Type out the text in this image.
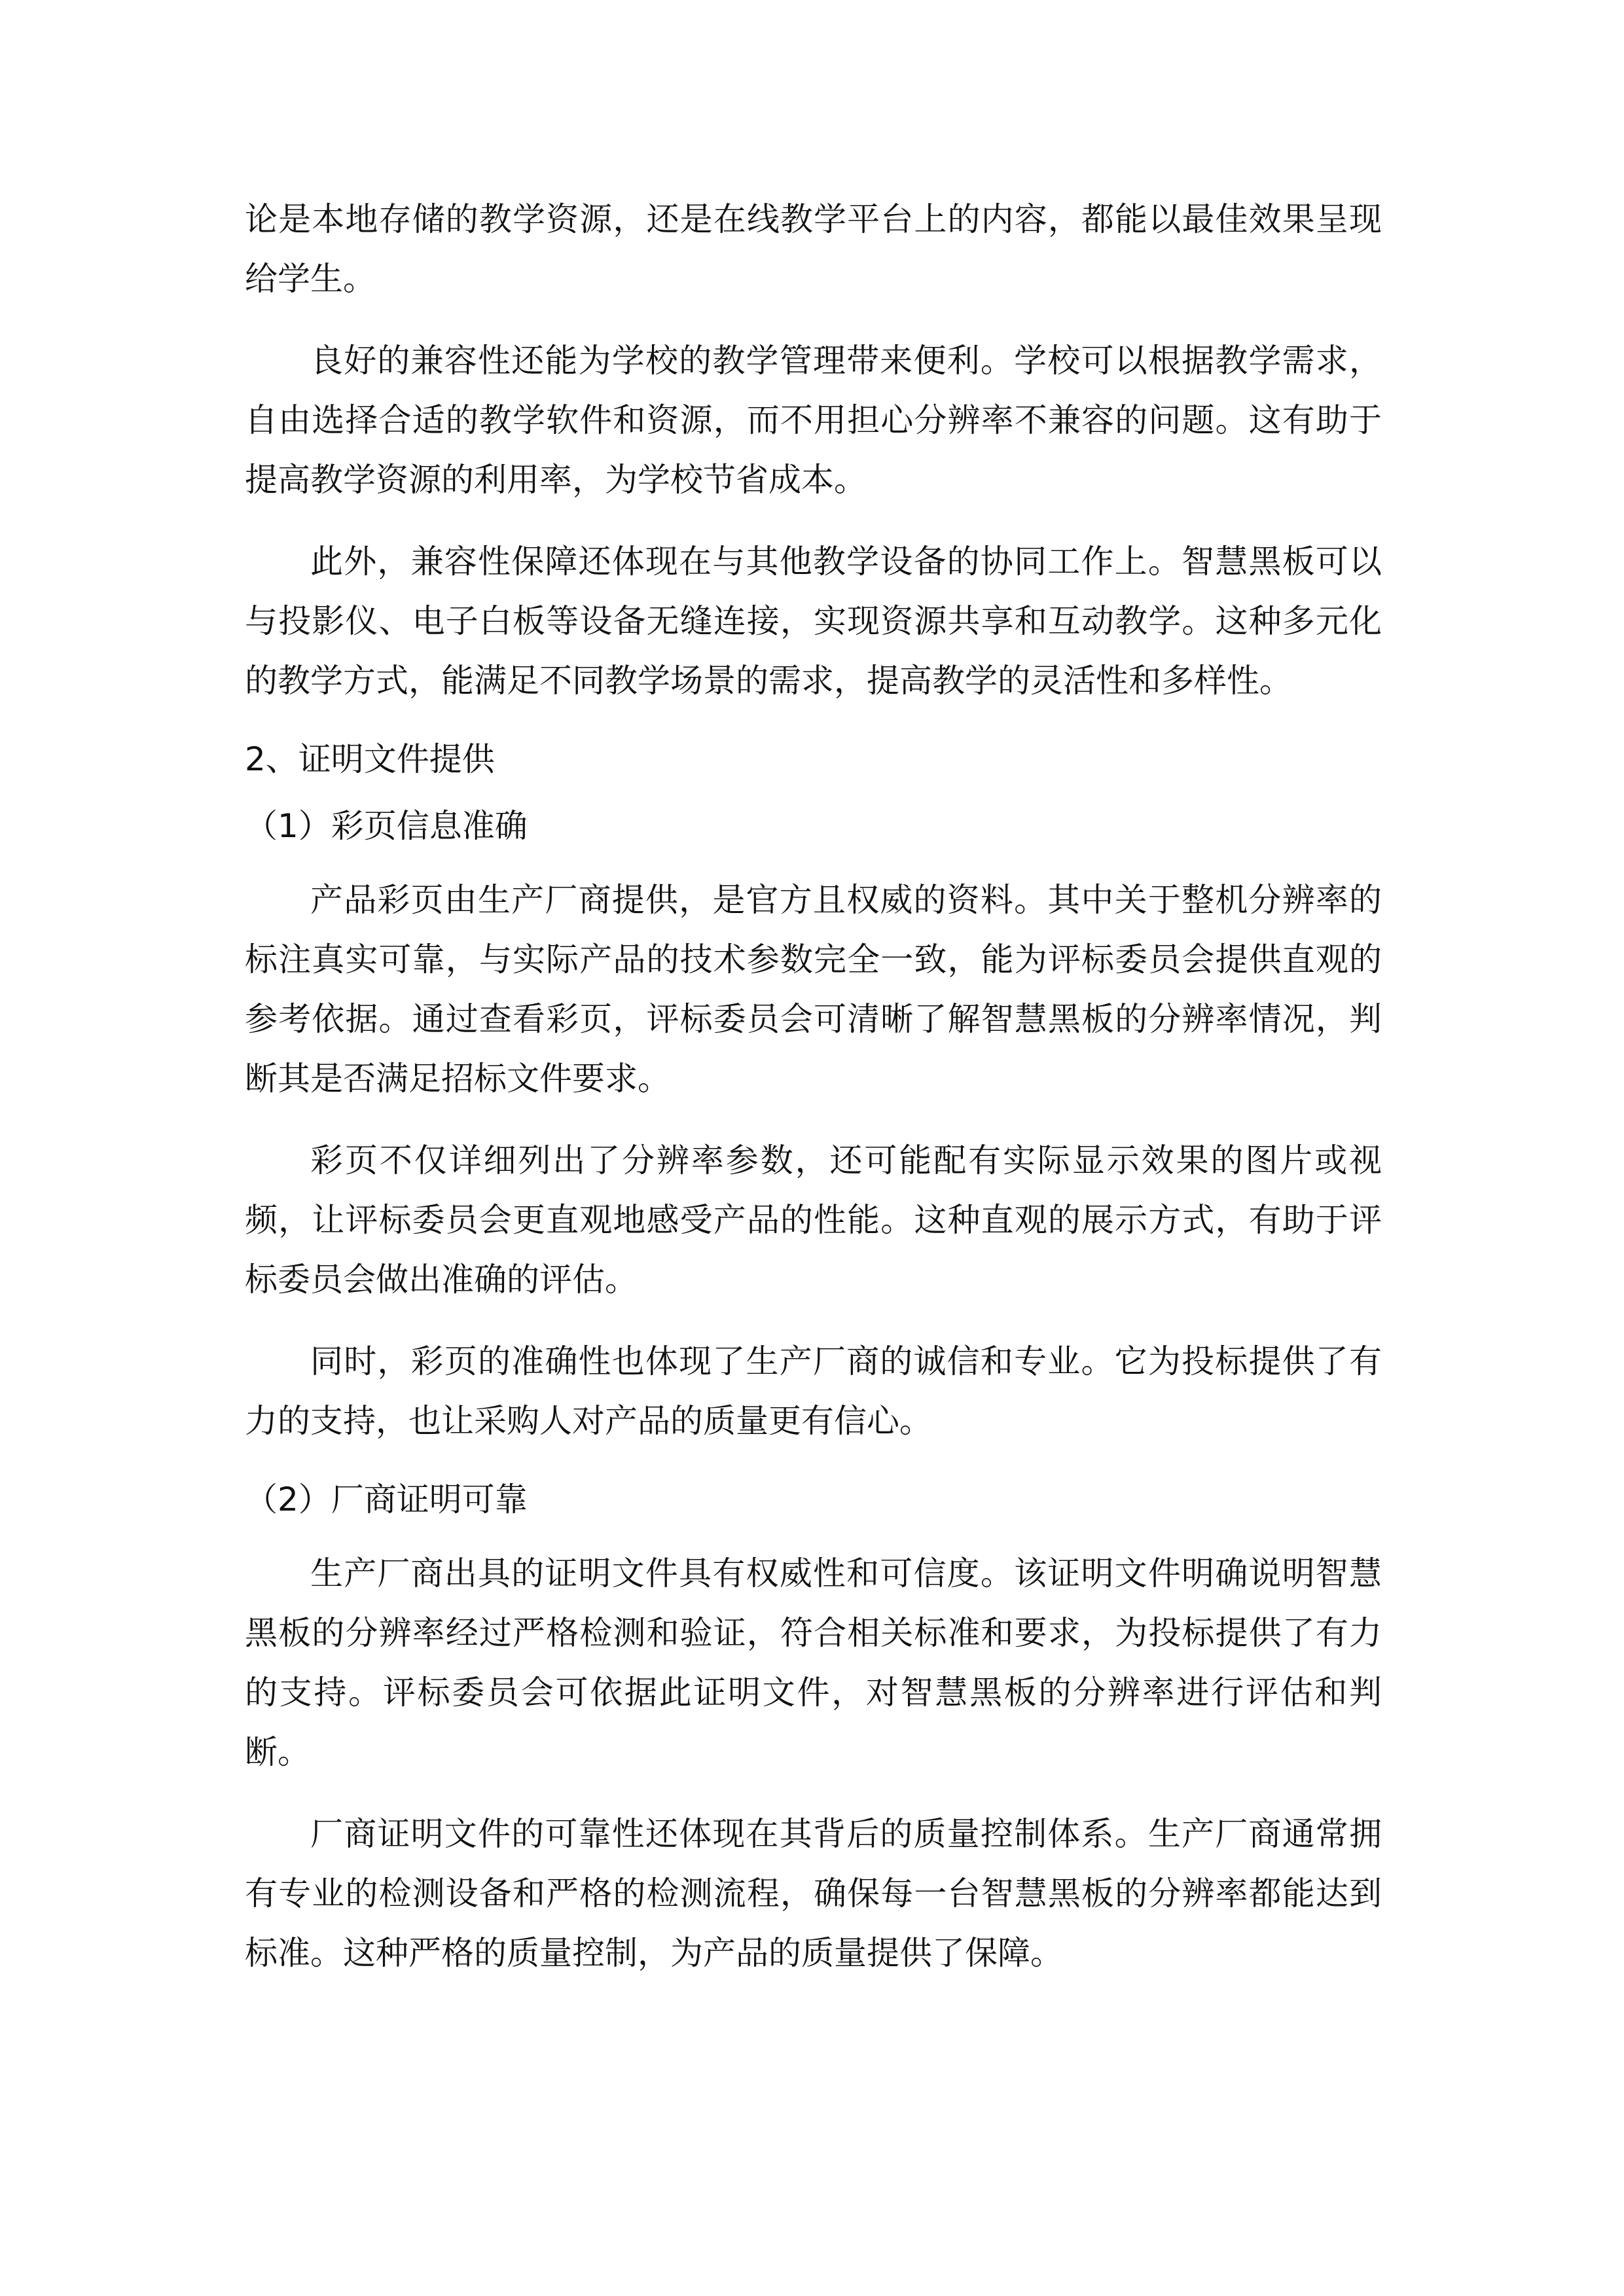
论是本地存储的教学资源，还是在线教学平台上的内容，都能以最佳效果呈现给学生。

良好的兼容性还能为学校的教学管理带来便利。学校可以根据教学需求，自由选择合适的教学软件和资源，而不用担心分辨率不兼容的问题。这有助于提高教学资源的利用率，为学校节省成本。

此外，兼容性保障还体现在与其他教学设备的协同工作上。智慧黑板可以与投影仪、电子白板等设备无缝连接，实现资源共享和互动教学。这种多元化的教学方式，能满足不同教学场景的需求，提高教学的灵活性和多样性。

2、证明文件提供
（1）彩页信息准确

产品彩页由生产厂商提供，是官方且权威的资料。其中关于整机分辨率的标注真实可靠，与实际产品的技术参数完全一致，能为评标委员会提供直观的参考依据。通过查看彩页，评标委员会可清晰了解智慧黑板的分辨率情况，判断其是否满足招标文件要求。

彩页不仅详细列出了分辨率参数，还可能配有实际显示效果的图片或视频，让评标委员会更直观地感受产品的性能。这种直观的展示方式，有助于评标委员会做出准确的评估。

同时，彩页的准确性也体现了生产厂商的诚信和专业。它为投标提供了有力的支持，也让采购人对产品的质量更有信心。

（2）厂商证明可靠

生产厂商出具的证明文件具有权威性和可信度。该证明文件明确说明智慧黑板的分辨率经过严格检测和验证，符合相关标准和要求，为投标提供了有力的支持。评标委员会可依据此证明文件，对智慧黑板的分辨率进行评估和判断。

厂商证明文件的可靠性还体现在其背后的质量控制体系。生产厂商通常拥有专业的检测设备和严格的检测流程，确保每一台智慧黑板的分辨率都能达到标准。这种严格的质量控制，为产品的质量提供了保障。
